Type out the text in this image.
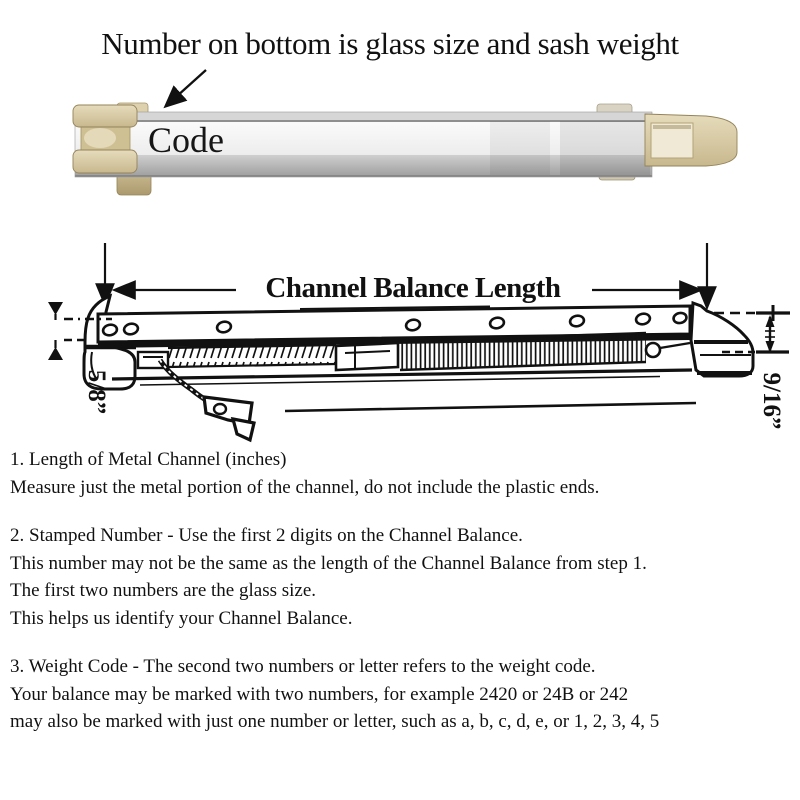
Number on bottom is glass size and sash weight
Code
Channel Balance Length
5/8”	9/16”
1. Length of Metal Channel (inches)
Measure just the metal portion of the channel, do not include the plastic ends.
2. Stamped Number - Use the first 2 digits on the Channel Balance.
This number may not be the same as the length of the Channel Balance from step 1.
The first two numbers are the glass size.
This helps us identify your Channel Balance.
3. Weight Code - The second two numbers or letter refers to the weight code.
Your balance may be marked with two numbers, for example 2420 or 24B or 242
may also be marked with just one number or letter, such as a, b, c, d, e, or 1, 2, 3, 4, 5
